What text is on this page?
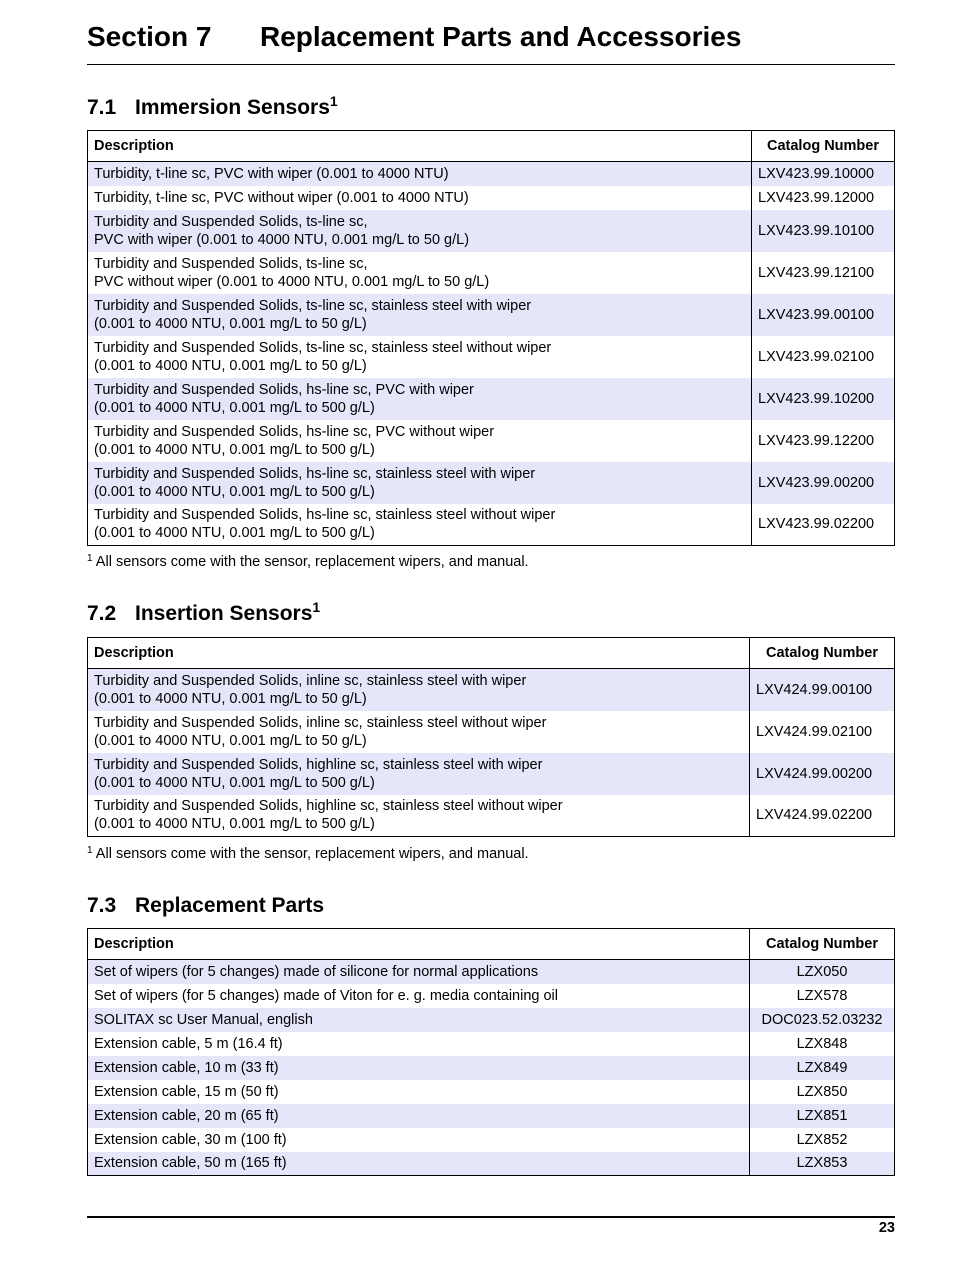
Section 7 Replacement Parts and Accessories
7.1 Immersion Sensors$^1$
Description	Catalog Number

Turbidity, t-line sc, PVC with wiper (0.001 to 4000 NTU)	LXV423.99.10000

Turbidity, t-line sc, PVC without wiper (0.001 to 4000 NTU)	LXV423.99.12000

Turbidity and Suspended Solids, ts-line sc,
PVC with wiper (0.001 to 4000 NTU, 0.001 mg/L to 50 g/L)	LXV423.99.10100

Turbidity and Suspended Solids, ts-line sc,
PVC without wiper (0.001 to 4000 NTU, 0.001 mg/L to 50 g/L)	LXV423.99.12100

Turbidity and Suspended Solids, ts-line sc, stainless steel with wiper
(0.001 to 4000 NTU, 0.001 mg/L to 50 g/L)	LXV423.99.00100

Turbidity and Suspended Solids, ts-line sc, stainless steel without wiper
(0.001 to 4000 NTU, 0.001 mg/L to 50 g/L)	LXV423.99.02100

Turbidity and Suspended Solids, hs-line sc, PVC with wiper
(0.001 to 4000 NTU, 0.001 mg/L to 500 g/L)	LXV423.99.10200

Turbidity and Suspended Solids, hs-line sc, PVC without wiper
(0.001 to 4000 NTU, 0.001 mg/L to 500 g/L)	LXV423.99.12200

Turbidity and Suspended Solids, hs-line sc, stainless steel with wiper
(0.001 to 4000 NTU, 0.001 mg/L to 500 g/L)	LXV423.99.00200

Turbidity and Suspended Solids, hs-line sc, stainless steel without wiper
(0.001 to 4000 NTU, 0.001 mg/L to 500 g/L)	LXV423.99.02200
$^1$ All sensors come with the sensor, replacement wipers, and manual.
7.2 Insertion Sensors$^1$
Description	Catalog Number

Turbidity and Suspended Solids, inline sc, stainless steel with wiper
(0.001 to 4000 NTU, 0.001 mg/L to 50 g/L)	LXV424.99.00100

Turbidity and Suspended Solids, inline sc, stainless steel without wiper
(0.001 to 4000 NTU, 0.001 mg/L to 50 g/L)	LXV424.99.02100

Turbidity and Suspended Solids, highline sc, stainless steel with wiper
(0.001 to 4000 NTU, 0.001 mg/L to 500 g/L)	LXV424.99.00200

Turbidity and Suspended Solids, highline sc, stainless steel without wiper
(0.001 to 4000 NTU, 0.001 mg/L to 500 g/L)	LXV424.99.02200
$^1$ All sensors come with the sensor, replacement wipers, and manual.
7.3 Replacement Parts
Description	Catalog Number

Set of wipers (for 5 changes) made of silicone for normal applications	LZX050

Set of wipers (for 5 changes) made of Viton for e. g. media containing oil	LZX578

SOLITAX sc User Manual, english	DOC023.52.03232

Extension cable, 5 m (16.4 ft)	LZX848

Extension cable, 10 m (33 ft)	LZX849

Extension cable, 15 m (50 ft)	LZX850

Extension cable, 20 m (65 ft)	LZX851

Extension cable, 30 m (100 ft)	LZX852

Extension cable, 50 m (165 ft)	LZX853
23
